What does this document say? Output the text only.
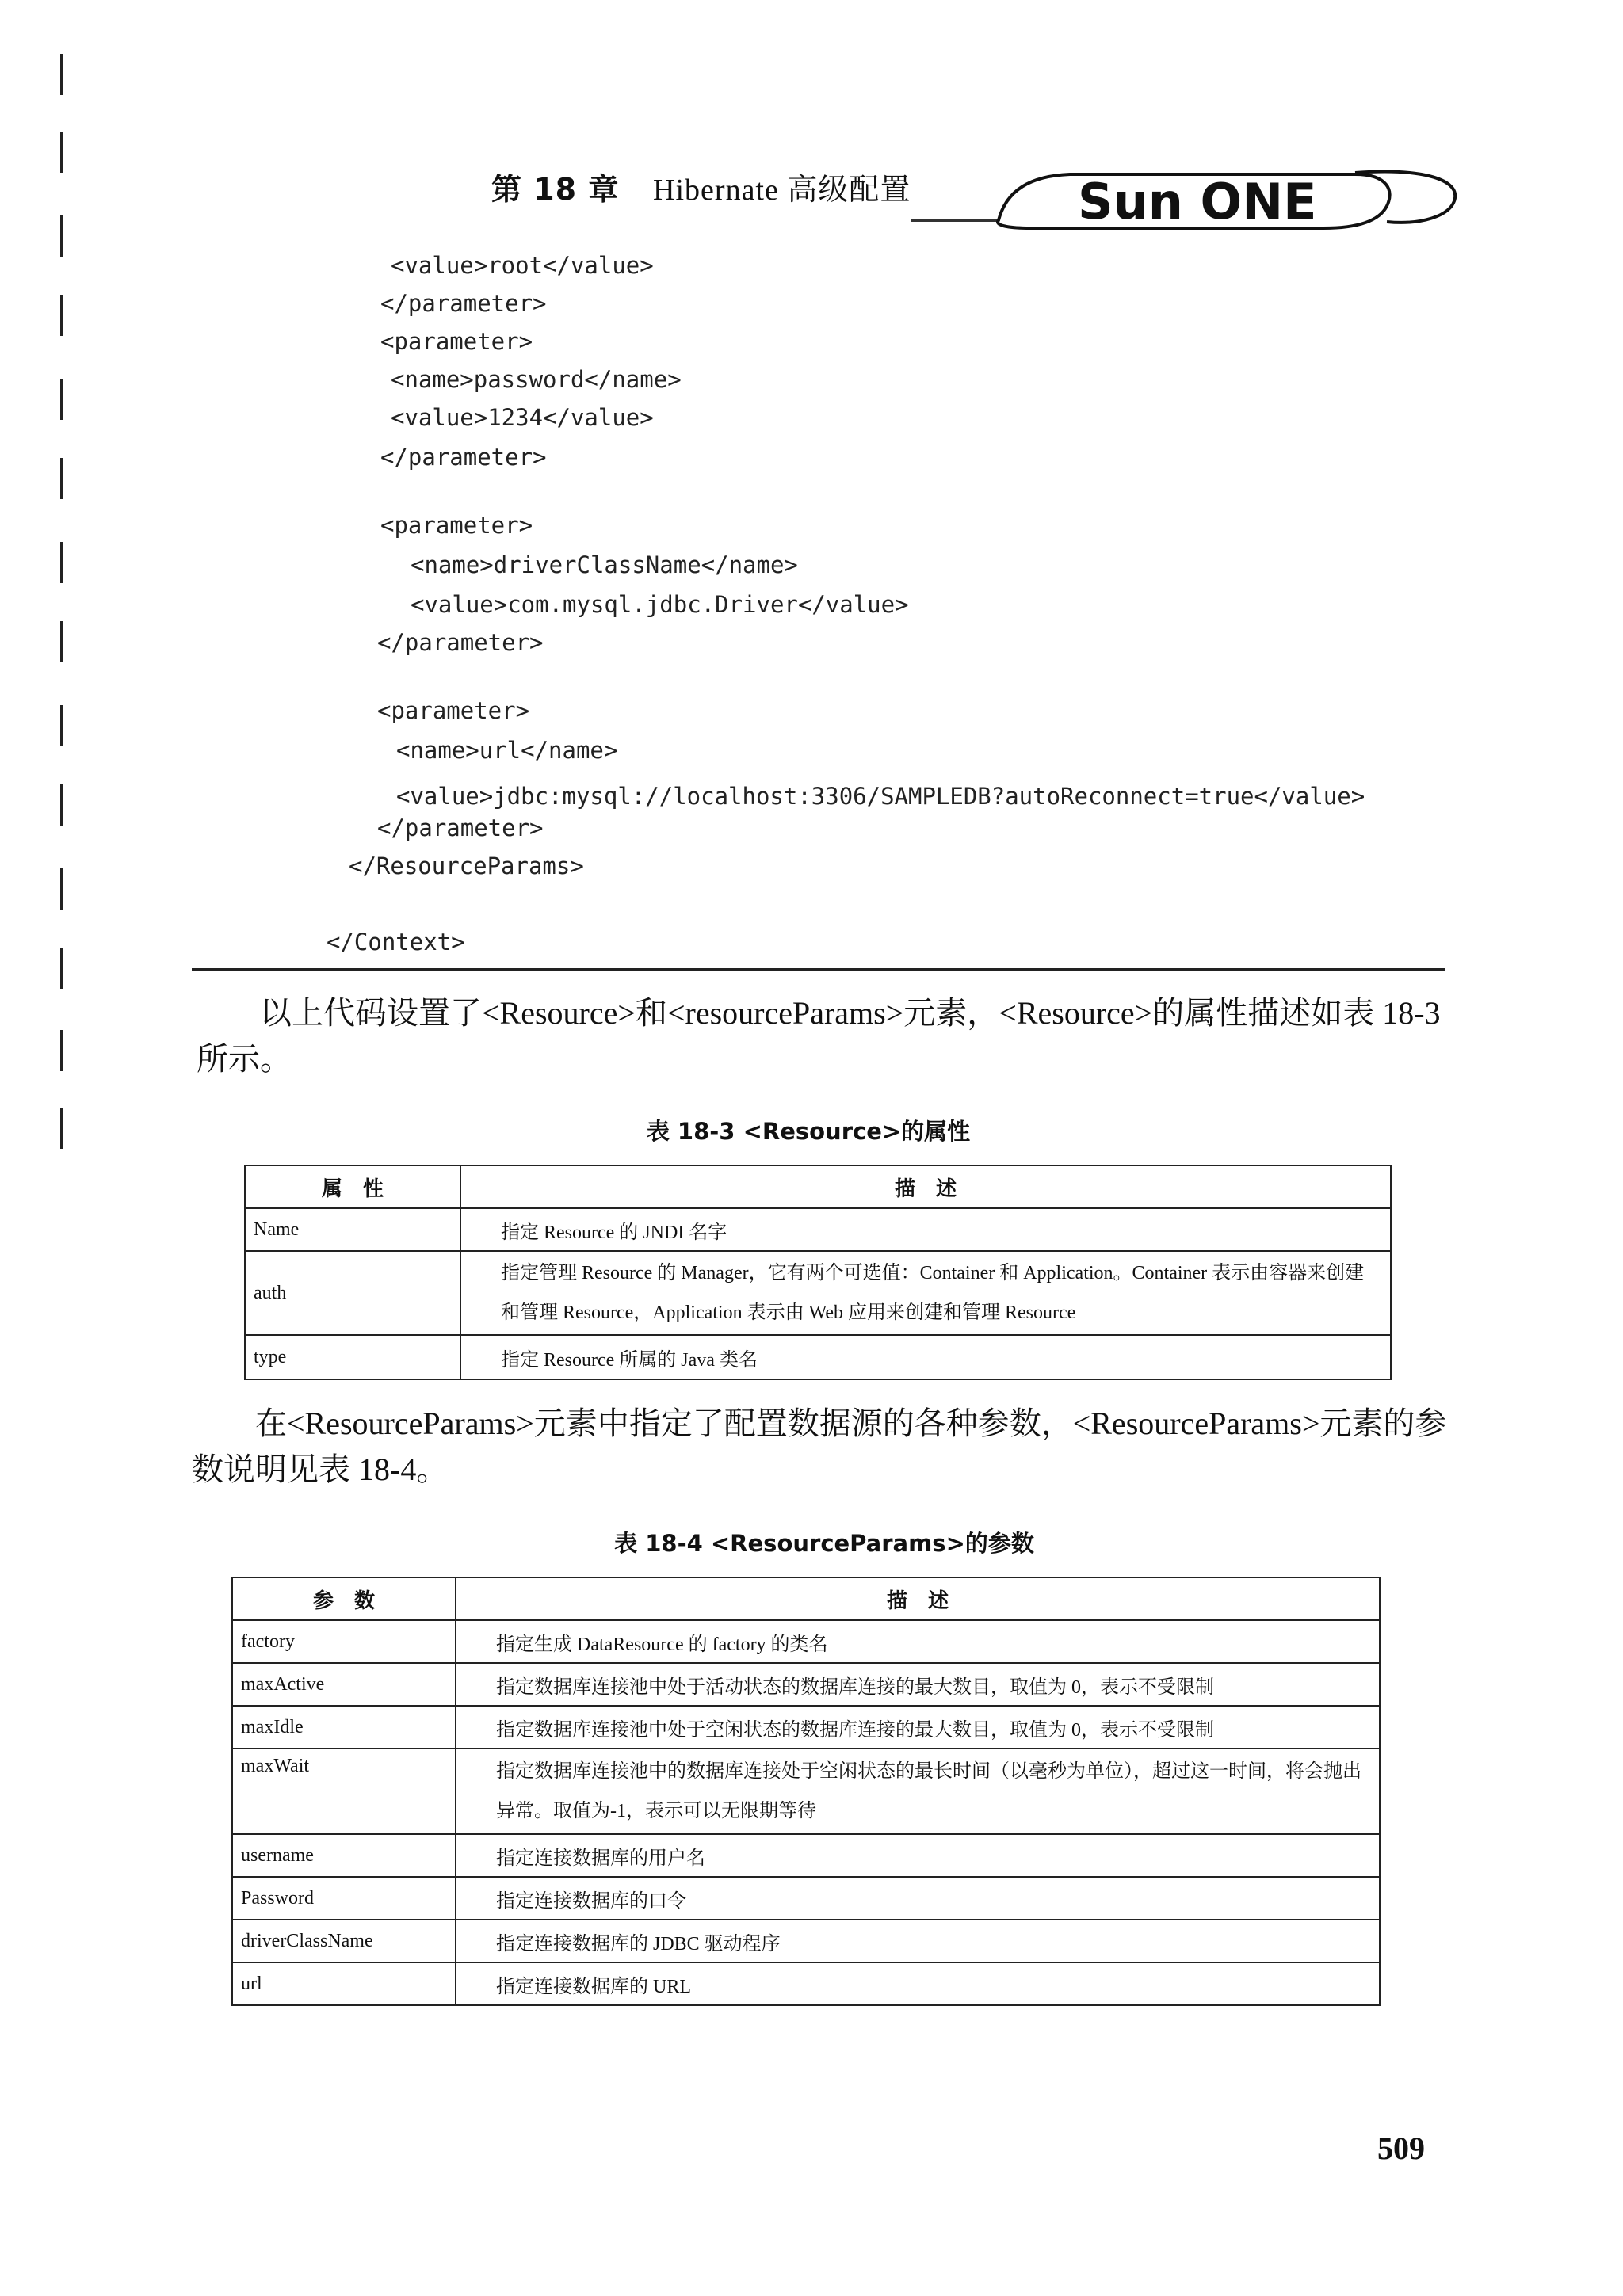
第 18 章 Hibernate 高级配置	Sun ONE

<value>root</value>

</parameter>

<parameter>

<name>password</name>

<value>1234</value>

</parameter>

<parameter>

<name>driverClassName</name>

<value>com.mysql.jdbc.Driver</value>

</parameter>

<parameter>

<name>url</name>

<value>jdbc:mysql://localhost:3306/SAMPLEDB?autoReconnect=true</value>

</parameter>

</ResourceParams>

</Context>

以上代码设置了<Resource>和<resourceParams>元素，<Resource>的属性描述如表 18-3 所示。
表 18-3 <Resource>的属性
属　性	描　述
Name	指定 Resource 的 JNDI 名字
auth	指定管理 Resource 的 Manager，它有两个可选值：Container 和 Application。Container 表示由容器来创建和管理 Resource，Application 表示由 Web 应用来创建和管理 Resource
type	指定 Resource 所属的 Java 类名
在<ResourceParams>元素中指定了配置数据源的各种参数，<ResourceParams>元素的参数说明见表 18-4。
表 18-4 <ResourceParams>的参数
参　数	描　述
factory	指定生成 DataResource 的 factory 的类名
maxActive	指定数据库连接池中处于活动状态的数据库连接的最大数目，取值为 0，表示不受限制
maxIdle	指定数据库连接池中处于空闲状态的数据库连接的最大数目，取值为 0，表示不受限制
maxWait	指定数据库连接池中的数据库连接处于空闲状态的最长时间（以毫秒为单位），超过这一时间，将会抛出异常。取值为-1，表示可以无限期等待
username	指定连接数据库的用户名
Password	指定连接数据库的口令
driverClassName	指定连接数据库的 JDBC 驱动程序
url	指定连接数据库的 URL
509
